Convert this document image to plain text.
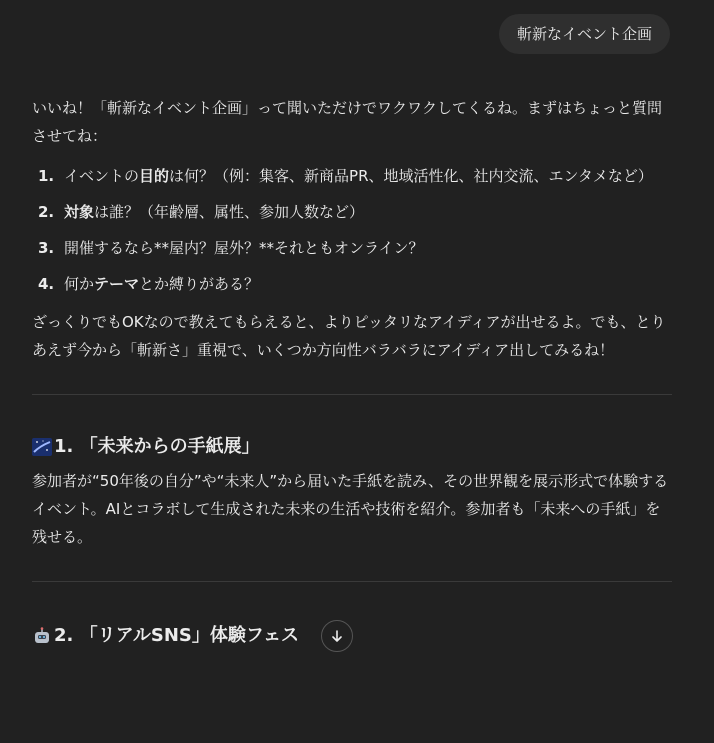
斬新なイベント企画

いいね！「斬新なイベント企画」って聞いただけでワクワクしてくるね。まずはちょっと質問させてね：

1. イベントの目的は何？（例：集客、新商品PR、地域活性化、社内交流、エンタメなど）
2. 対象は誰？（年齢層、属性、参加人数など）
3. 開催するなら**屋内？屋外？**それともオンライン？
4. 何かテーマとか縛りがある？

ざっくりでもOKなので教えてもらえると、よりピッタリなアイディアが出せるよ。でも、とりあえず今から「斬新さ」重視で、いくつか方向性バラバラにアイディア出してみるね！

1. 「未来からの手紙展」

参加者が“50年後の自分”や“未来人”から届いた手紙を読み、その世界観を展示形式で体験するイベント。AIとコラボして生成された未来の生活や技術を紹介。参加者も「未来への手紙」を残せる。

2. 「リアルSNS」体験フェス
